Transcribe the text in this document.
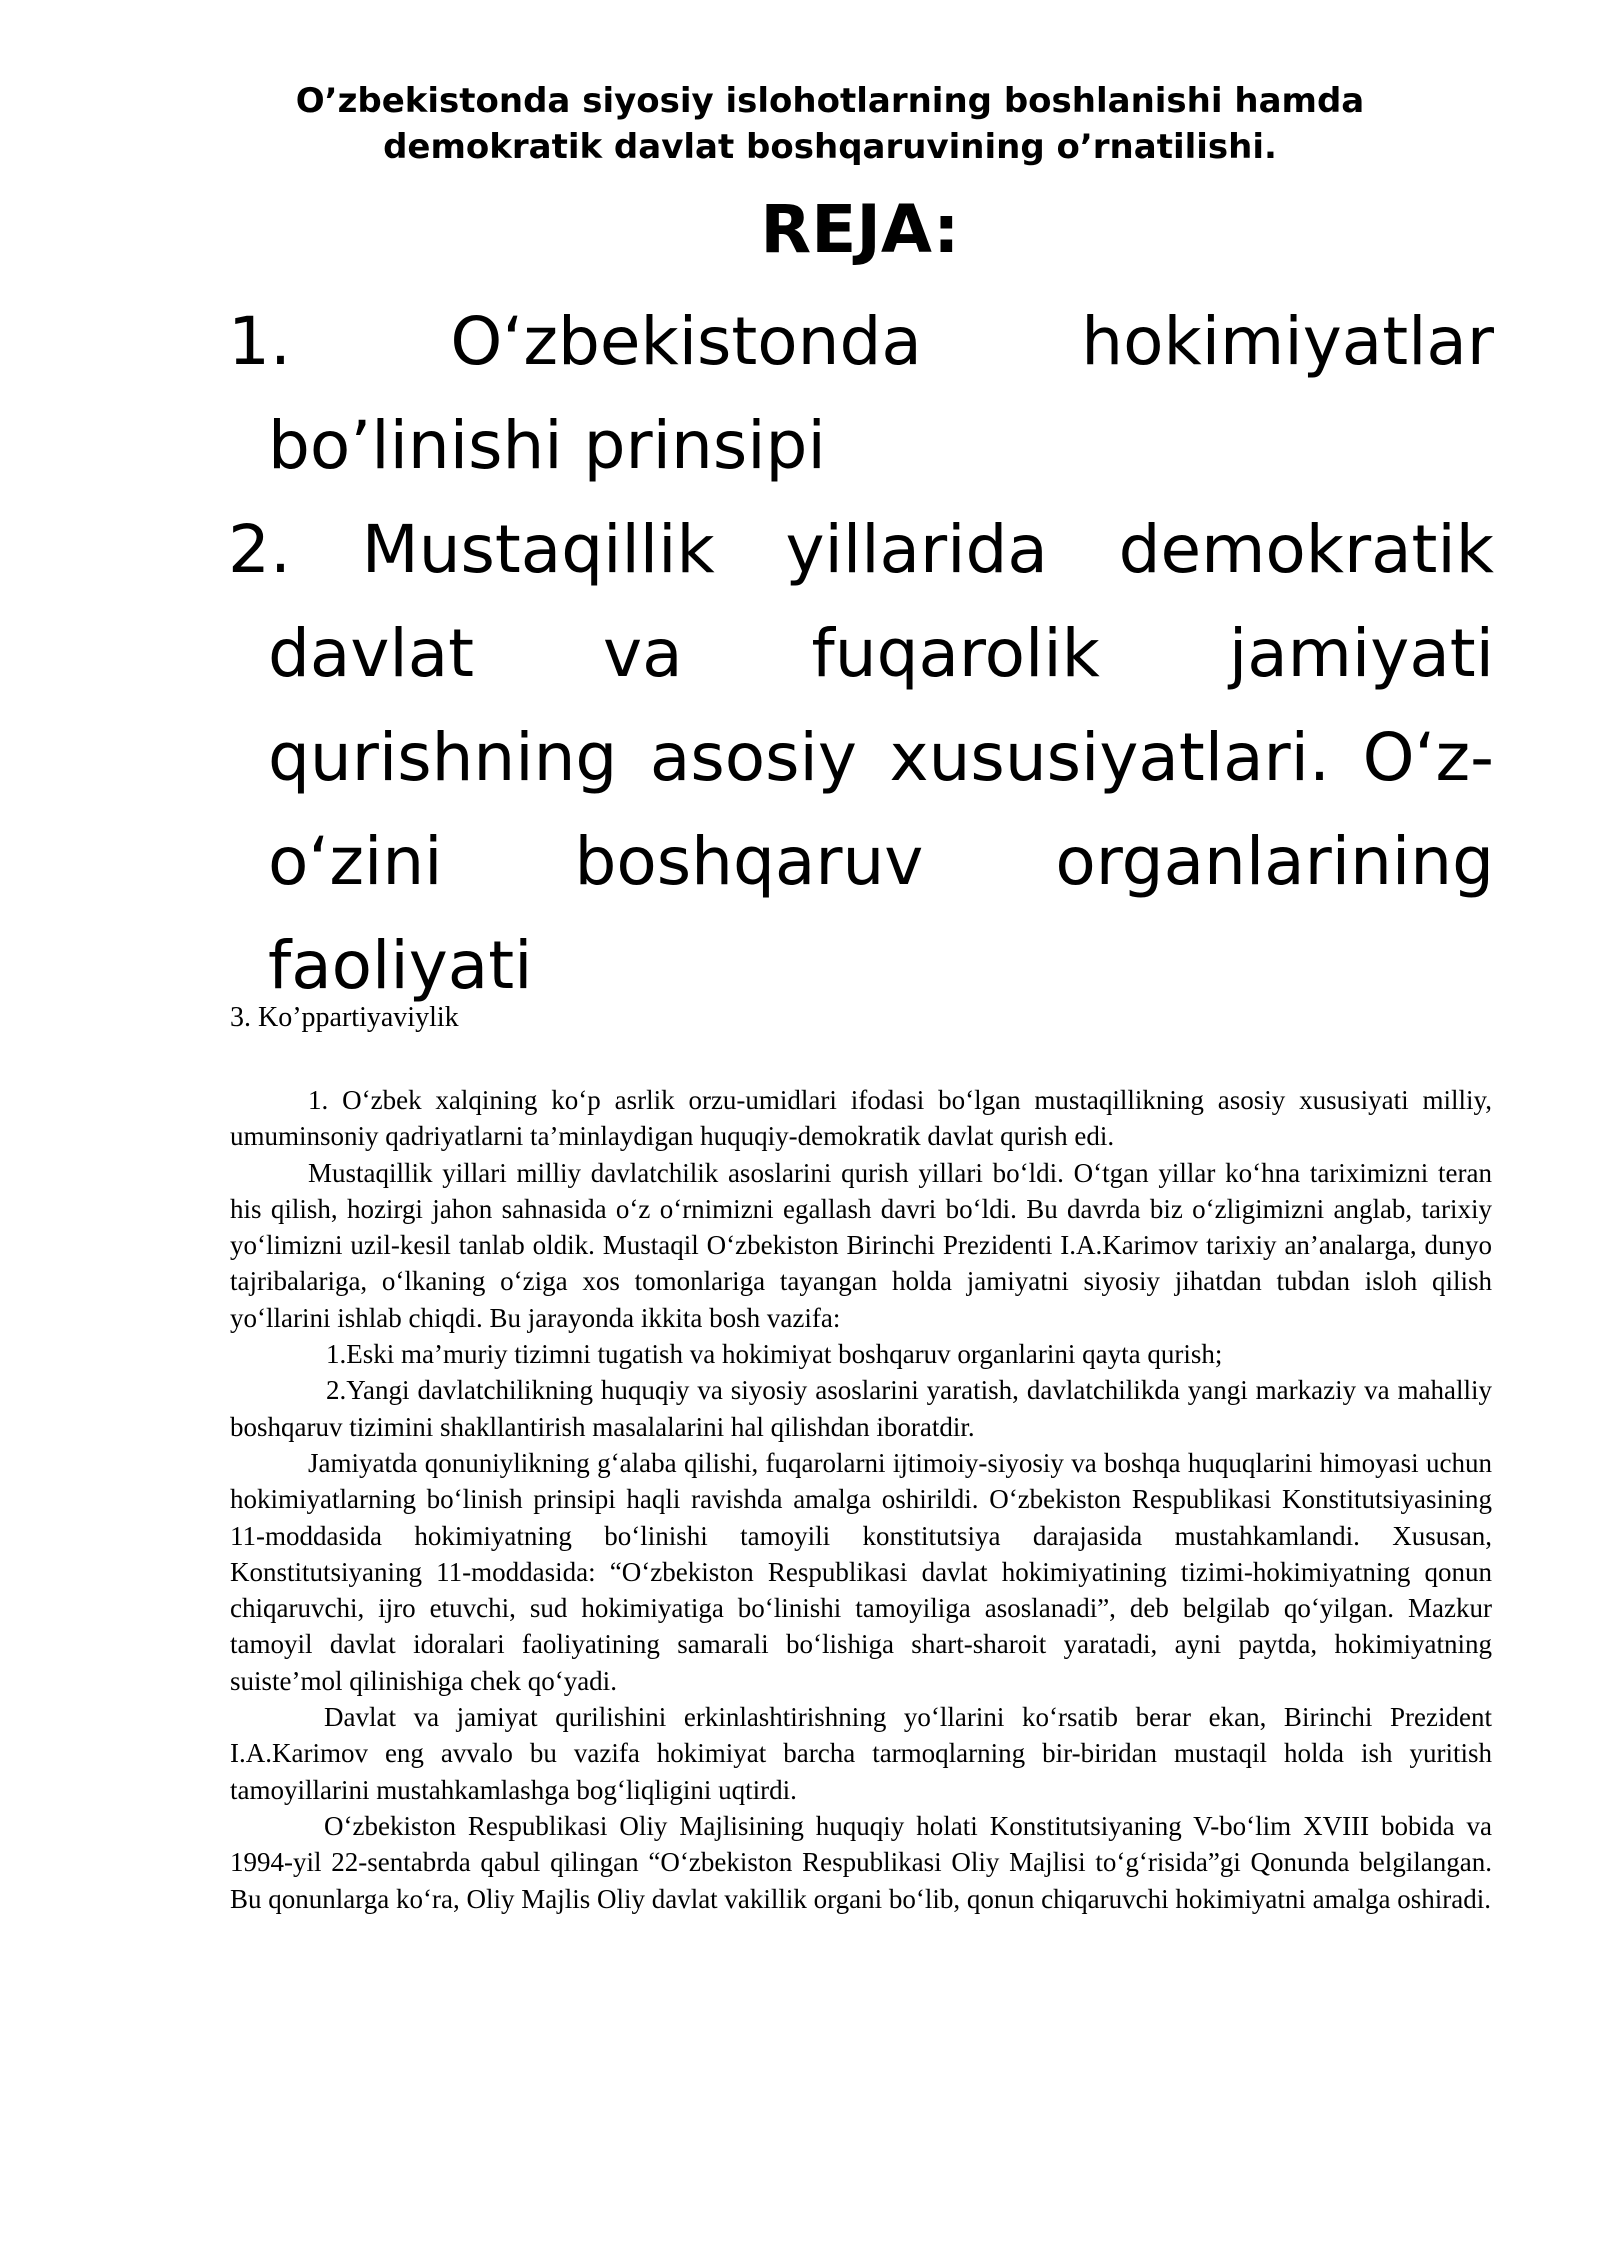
O’zbekistonda siyosiy islohotlarning boshlanishi hamda demokratik davlat boshqaruvining o’rnatilishi.
REJA:
1. O‘zbekistonda hokimiyatlar bo’linishi prinsipi
2. Mustaqillik yillarida demokratik davlat va fuqarolik jamiyati qurishning asosiy xususiyatlari. O‘z-o‘zini boshqaruv organlarining faoliyati

3. Ko’ppartiyaviylik

1. O‘zbek xalqining ko‘p asrlik orzu-umidlari ifodasi bo‘lgan mustaqillikning asosiy xususiyati milliy, umuminsoniy qadriyatlarni ta’minlaydigan huquqiy-demokratik davlat qurish edi.

Mustaqillik yillari milliy davlatchilik asoslarini qurish yillari bo‘ldi. O‘tgan yillar ko‘hna tariximizni teran his qilish, hozirgi jahon sahnasida o‘z o‘rnimizni egallash davri bo‘ldi. Bu davrda biz o‘zligimizni anglab, tarixiy yo‘limizni uzil-kesil tanlab oldik. Mustaqil O‘zbekiston Birinchi Prezidenti I.A.Karimov tarixiy an’analarga, dunyo tajribalariga, o‘lkaning o‘ziga xos tomonlariga tayangan holda jamiyatni siyosiy jihatdan tubdan isloh qilish yo‘llarini ishlab chiqdi. Bu jarayonda ikkita bosh vazifa:

1.Eski ma’muriy tizimni tugatish va hokimiyat boshqaruv organlarini qayta qurish;

2.Yangi davlatchilikning huquqiy va siyosiy asoslarini yaratish, davlatchilikda yangi markaziy va mahalliy boshqaruv tizimini shakllantirish masalalarini hal qilishdan iboratdir.

Jamiyatda qonuniylikning g‘alaba qilishi, fuqarolarni ijtimoiy-siyosiy va boshqa huquqlarini himoyasi uchun hokimiyatlarning bo‘linish prinsipi haqli ravishda amalga oshirildi. O‘zbekiston Respublikasi Konstitutsiyasining 11-moddasida hokimiyatning bo‘linishi tamoyili konstitutsiya darajasida mustahkamlandi. Xususan, Konstitutsiyaning 11-moddasida: “O‘zbekiston Respublikasi davlat hokimiyatining tizimi-hokimiyatning qonun chiqaruvchi, ijro etuvchi, sud hokimiyatiga bo‘linishi tamoyiliga asoslanadi”, deb belgilab qo‘yilgan. Mazkur tamoyil davlat idoralari faoliyatining samarali bo‘lishiga shart-sharoit yaratadi, ayni paytda, hokimiyatning suiste’mol qilinishiga chek qo‘yadi.

Davlat va jamiyat qurilishini erkinlashtirishning yo‘llarini ko‘rsatib berar ekan, Birinchi Prezident I.A.Karimov eng avvalo bu vazifa hokimiyat barcha tarmoqlarning bir-biridan mustaqil holda ish yuritish tamoyillarini mustahkamlashga bog‘liqligini uqtirdi.

O‘zbekiston Respublikasi Oliy Majlisining huquqiy holati Konstitutsiyaning V-bo‘lim XVIII bobida va 1994-yil 22-sentabrda qabul qilingan “O‘zbekiston Respublikasi Oliy Majlisi to‘g‘risida”gi Qonunda belgilangan. Bu qonunlarga ko‘ra, Oliy Majlis Oliy davlat vakillik organi bo‘lib, qonun chiqaruvchi hokimiyatni amalga oshiradi.
